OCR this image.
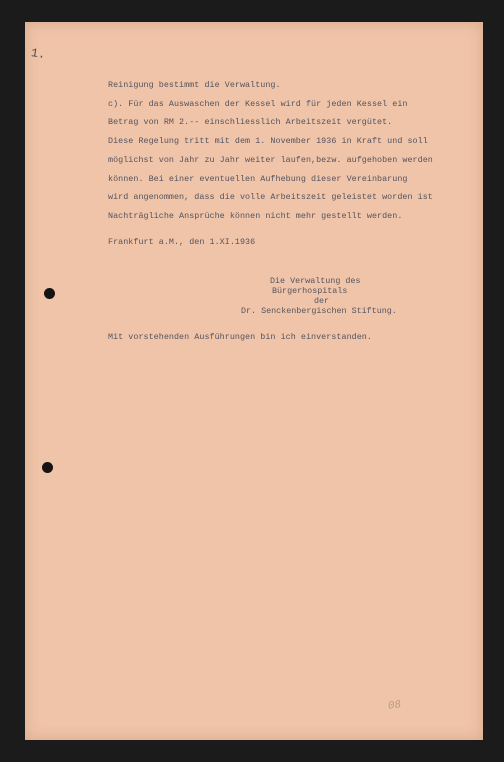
1.
Reinigung bestimmt die Verwaltung.
c). Für das Auswaschen der Kessel wird für jeden Kessel ein
Betrag von RM 2.-- einschliesslich Arbeitszeit vergütet.
Diese Regelung tritt mit dem 1. November 1936 in Kraft und soll
möglichst von Jahr zu Jahr weiter laufen,bezw. aufgehoben werden
können. Bei einer eventuellen Aufhebung dieser Vereinbarung
wird angenommen, dass die volle Arbeitszeit geleistet worden ist
Nachträgliche Ansprüche können nicht mehr gestellt werden.
Frankfurt a.M., den 1.XI.1936
Die Verwaltung des
Bürgerhospitals
der
Dr. Senckenbergischen Stiftung.
Mit vorstehenden Ausführungen bin ich einverstanden.
08
